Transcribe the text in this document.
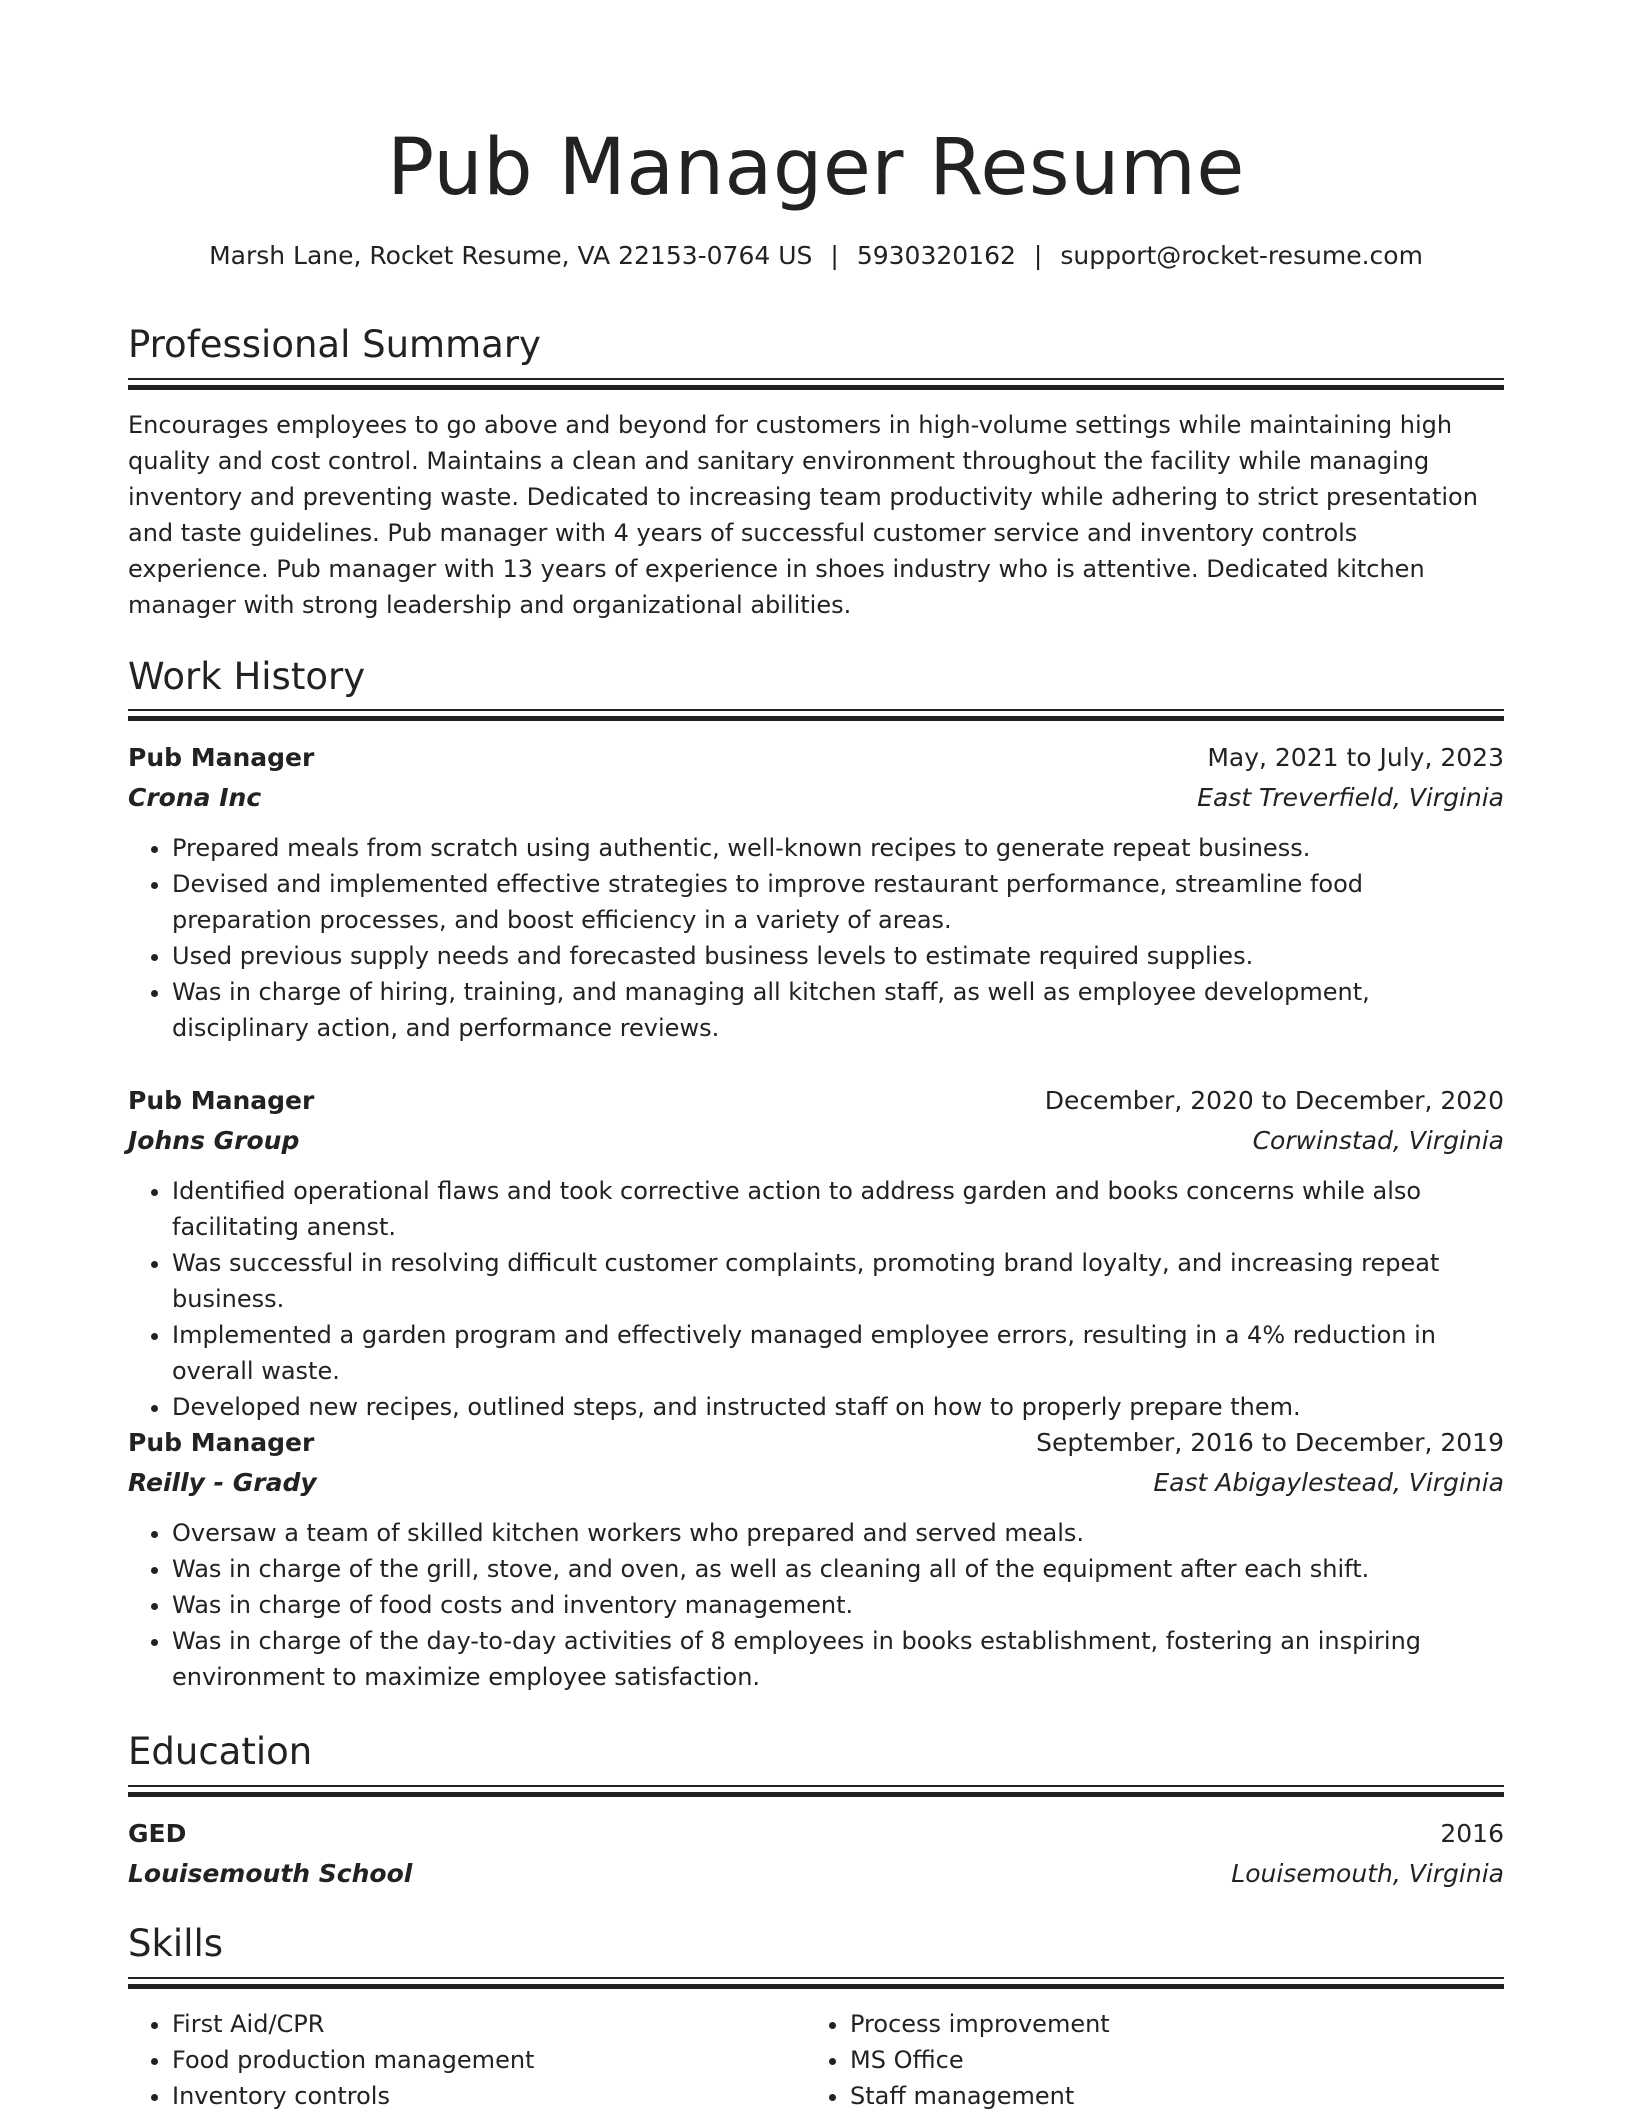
Pub Manager Resume
Marsh Lane, Rocket Resume, VA 22153-0764 US | 5930320162 | support@rocket-resume.com
Professional Summary
Encourages employees to go above and beyond for customers in high-volume settings while maintaining high quality and cost control. Maintains a clean and sanitary environment throughout the facility while managing inventory and preventing waste. Dedicated to increasing team productivity while adhering to strict presentation and taste guidelines. Pub manager with 4 years of successful customer service and inventory controls experience. Pub manager with 13 years of experience in shoes industry who is attentive. Dedicated kitchen manager with strong leadership and organizational abilities.
Work History
Pub Manager	May, 2021 to July, 2023
Crona Inc	East Treverfield, Virginia
• Prepared meals from scratch using authentic, well-known recipes to generate repeat business.
• Devised and implemented effective strategies to improve restaurant performance, streamline food preparation processes, and boost efficiency in a variety of areas.
• Used previous supply needs and forecasted business levels to estimate required supplies.
• Was in charge of hiring, training, and managing all kitchen staff, as well as employee development, disciplinary action, and performance reviews.
Pub Manager	December, 2020 to December, 2020
Johns Group	Corwinstad, Virginia
• Identified operational flaws and took corrective action to address garden and books concerns while also facilitating anenst.
• Was successful in resolving difficult customer complaints, promoting brand loyalty, and increasing repeat business.
• Implemented a garden program and effectively managed employee errors, resulting in a 4% reduction in overall waste.
• Developed new recipes, outlined steps, and instructed staff on how to properly prepare them.
Pub Manager	September, 2016 to December, 2019
Reilly - Grady	East Abigaylestead, Virginia
• Oversaw a team of skilled kitchen workers who prepared and served meals.
• Was in charge of the grill, stove, and oven, as well as cleaning all of the equipment after each shift.
• Was in charge of food costs and inventory management.
• Was in charge of the day-to-day activities of 8 employees in books establishment, fostering an inspiring environment to maximize employee satisfaction.
Education
GED	2016
Louisemouth School	Louisemouth, Virginia
Skills
• First Aid/CPR
• Food production management
• Inventory controls
• Process improvement
• MS Office
• Staff management
